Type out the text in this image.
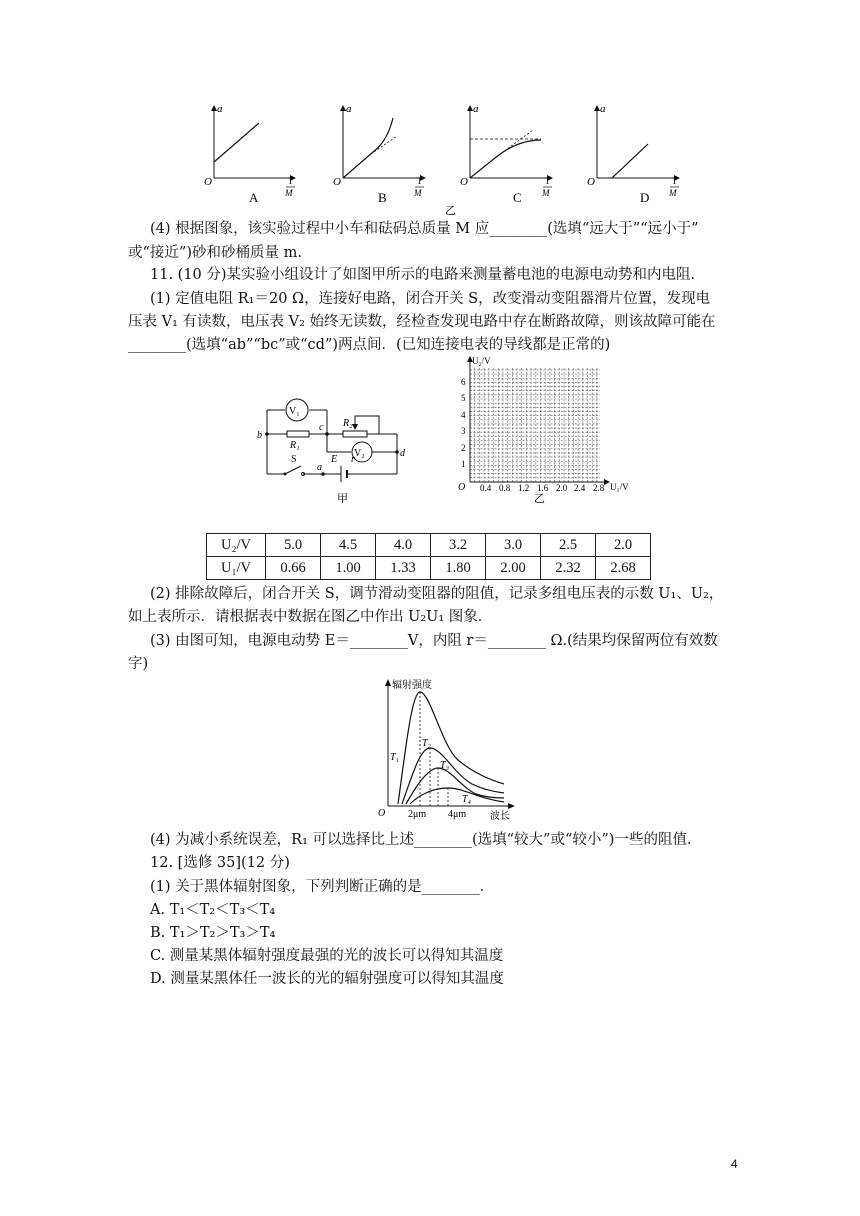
a
O	1
M
A
a
O	1
M
B
a
O	1
M
C
a
O	1
M
D
乙
(4) 根据图象，该实验过程中小车和砝码总质量 M 应________(选填“远大于”“远小于”
或“接近”)砂和砂桶质量 m.
11. (10 分)某实验小组设计了如图甲所示的电路来测量蓄电池的电源电动势和内电阻.
(1) 定值电阻 R₁＝20 Ω，连接好电路，闭合开关 S，改变滑动变阻器滑片位置，发现电
压表 V₁ 有读数，电压表 V₂ 始终无读数，经检查发现电路中存在断路故障，则该故障可能在
________(选填“ab”“bc”或“cd”)两点间．(已知连接电表的导线都是正常的)
V₁
R₁
b
c R₂
V₂	d
S
a
E r
甲
U₂/V
U₁/V
O
1
2
3
4
5
6
0.4 0.8 1.2 1.6 2.0 2.4 2.8
乙
U₂/V	5.0	4.5	4.0	3.2	3.0	2.5	2.0
U₁/V	0.66	1.00	1.33	1.80	2.00	2.32	2.68
(2) 排除故障后，闭合开关 S，调节滑动变阻器的阻值，记录多组电压表的示数 U₁、U₂，
如上表所示．请根据表中数据在图乙中作出 U₂U₁ 图象．
(3) 由图可知，电源电动势 E＝________V，内阻 r＝________ Ω.(结果均保留两位有效数
字)
辐射强度
波长
O
T₁
T₂
T₃
T₄
2μm 4μm
(4) 为减小系统误差，R₁ 可以选择比上述________(选填“较大”或“较小”)一些的阻值．
12. [选修 35](12 分)
(1) 关于黑体辐射图象，下列判断正确的是________．
A. T₁＜T₂＜T₃＜T₄
B. T₁＞T₂＞T₃＞T₄
C. 测量某黑体辐射强度最强的光的波长可以得知其温度
D. 测量某黑体任一波长的光的辐射强度可以得知其温度
4
